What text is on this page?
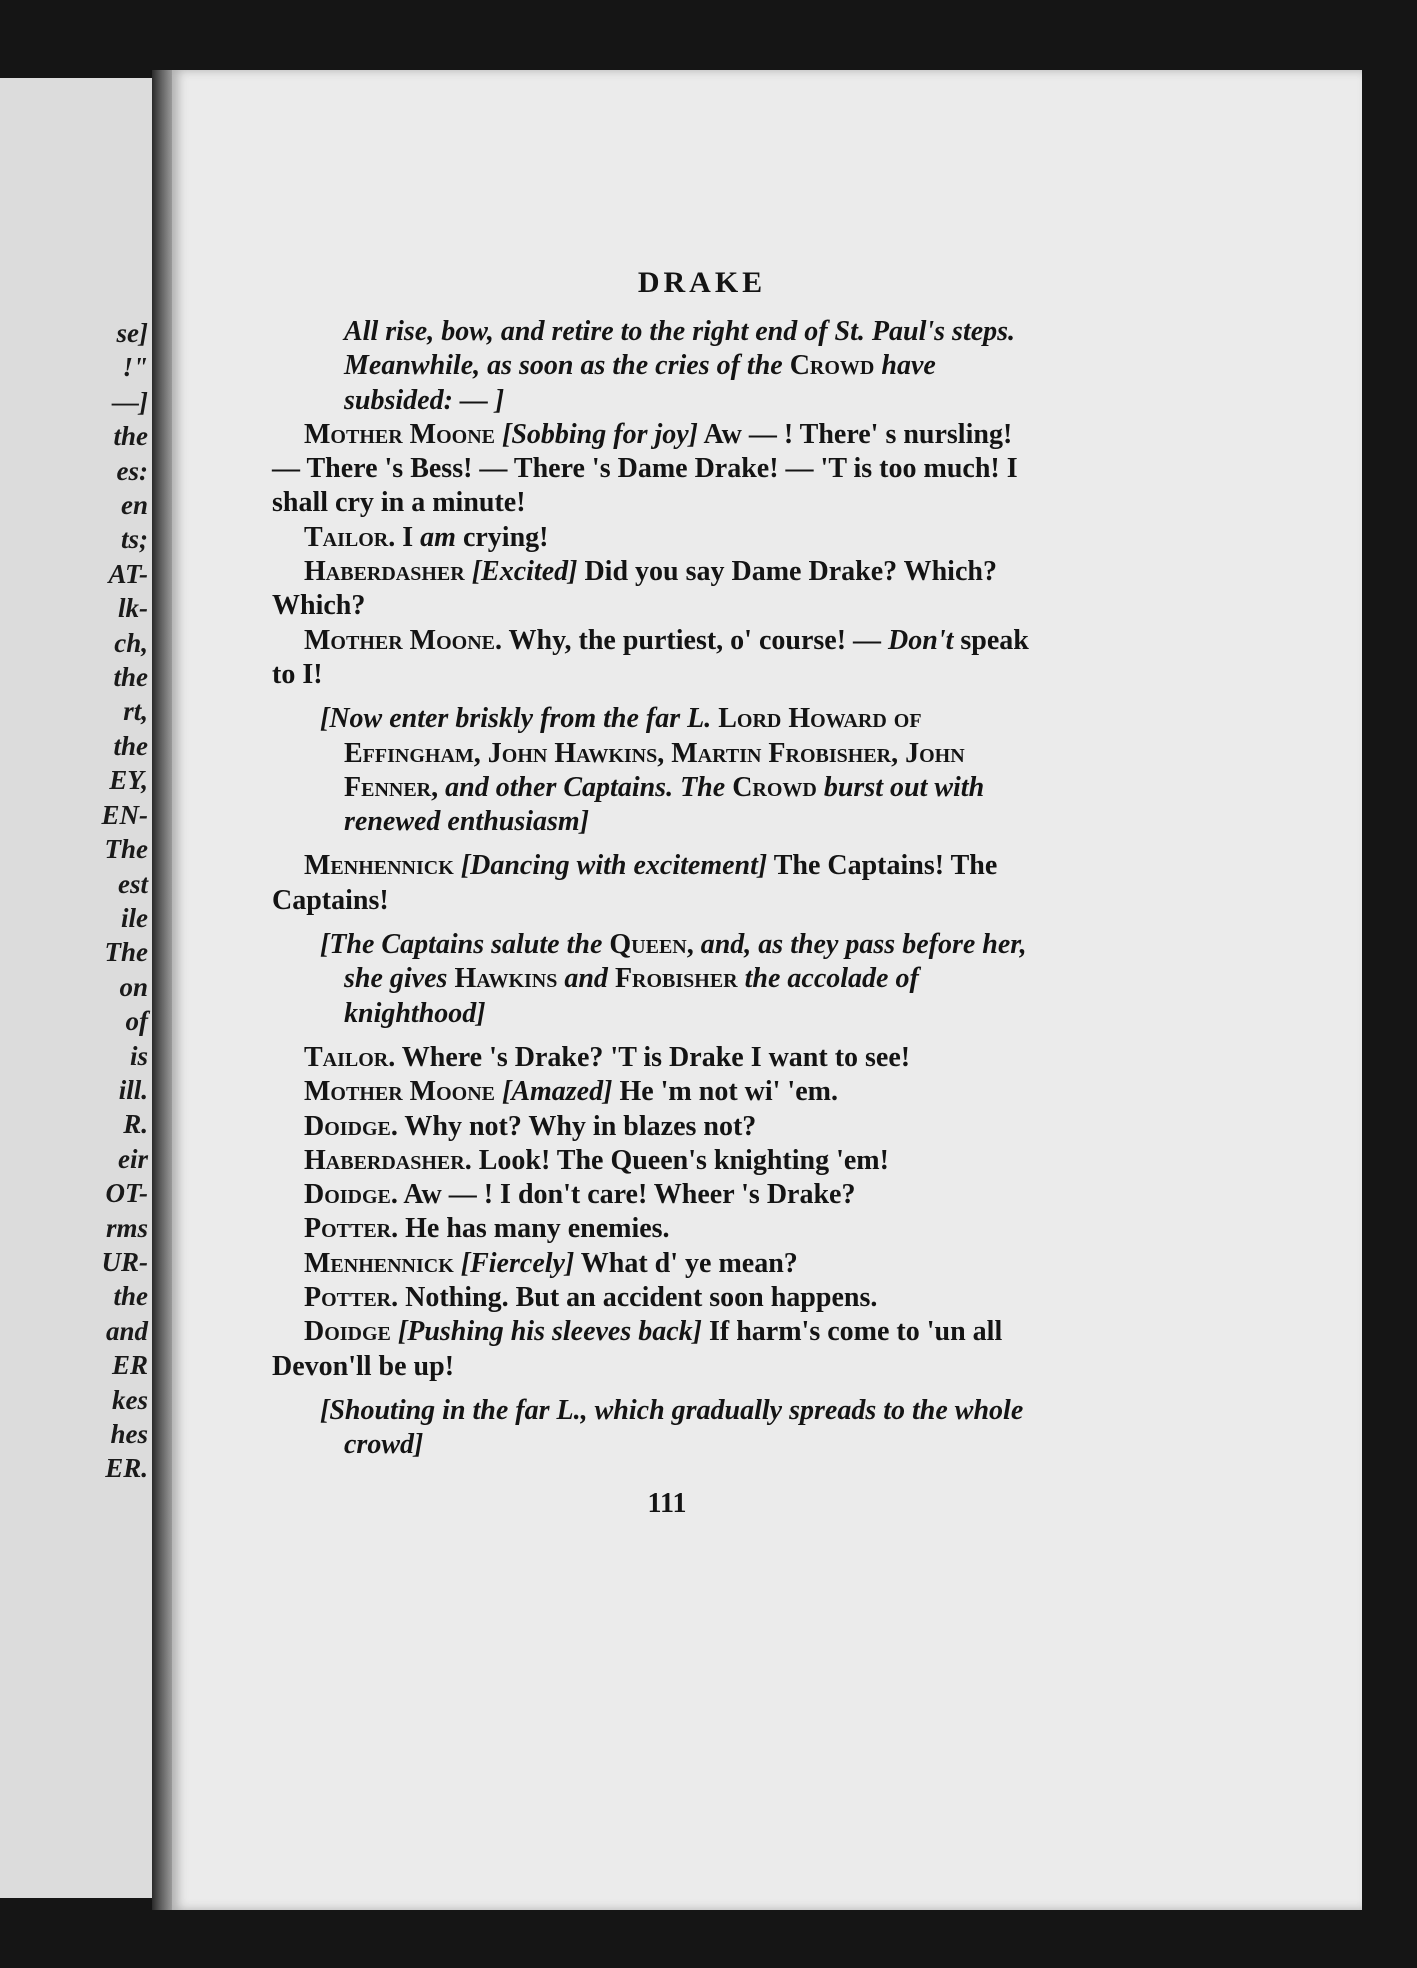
se]
!"
—]
the
es:
en
ts;
AT-
lk-
ch,
the
rt,
the
EY,
EN-
The
est
ile
The
on
of
is
ill.
R.
eir
OT-
rms
UR-
the
and
ER
kes
hes
ER.
DRAKE

All rise, bow, and retire to the right end of St. Paul's steps. Meanwhile, as soon as the cries of the Crowd have subsided: — ]

Mother Moone [Sobbing for joy] Aw — ! There' s nursling! — There 's Bess! — There 's Dame Drake! — 'T is too much! I shall cry in a minute!

Tailor. I am crying!

Haberdasher [Excited] Did you say Dame Drake? Which? Which?

Mother Moone. Why, the purtiest, o' course! — Don't speak to I!

[Now enter briskly from the far L. Lord Howard of Effingham, John Hawkins, Martin Frobisher, John Fenner, and other Captains. The Crowd burst out with renewed enthusiasm]

Menhennick [Dancing with excitement] The Captains! The Captains!

[The Captains salute the Queen, and, as they pass before her, she gives Hawkins and Frobisher the accolade of knighthood]

Tailor. Where 's Drake? 'T is Drake I want to see!

Mother Moone [Amazed] He 'm not wi' 'em.

Doidge. Why not? Why in blazes not?

Haberdasher. Look! The Queen's knighting 'em!

Doidge. Aw — ! I don't care! Wheer 's Drake?

Potter. He has many enemies.

Menhennick [Fiercely] What d' ye mean?

Potter. Nothing. But an accident soon happens.

Doidge [Pushing his sleeves back] If harm's come to 'un all Devon'll be up!

[Shouting in the far L., which gradually spreads to the whole crowd]

111
